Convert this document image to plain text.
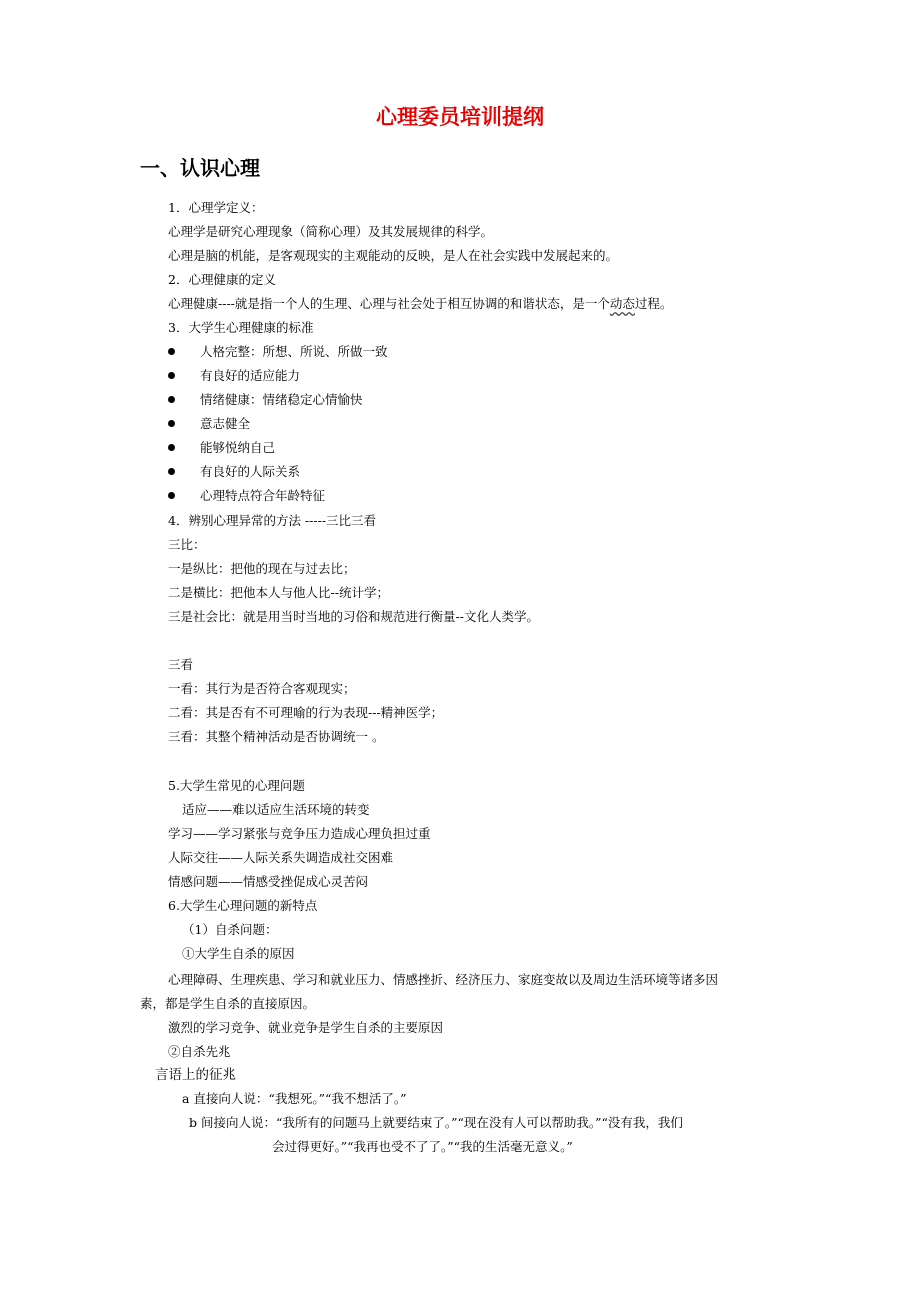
心理委员培训提纲
一、认识心理
1．心理学定义：
心理学是研究心理现象（简称心理）及其发展规律的科学。
心理是脑的机能，是客观现实的主观能动的反映，是人在社会实践中发展起来的。
2．心理健康的定义
心理健康----就是指一个人的生理、心理与社会处于相互协调的和谐状态，是一个动态过程。
3．大学生心理健康的标准
人格完整：所想、所说、所做一致
有良好的适应能力
情绪健康：情绪稳定心情愉快
意志健全
能够悦纳自己
有良好的人际关系
心理特点符合年龄特征
4．辨别心理异常的方法 -----三比三看
三比：
一是纵比：把他的现在与过去比；
二是横比：把他本人与他人比--统计学；
三是社会比：就是用当时当地的习俗和规范进行衡量--文化人类学。
三看
一看：其行为是否符合客观现实；
二看：其是否有不可理喻的行为表现---精神医学；
三看：其整个精神活动是否协调统一 。
5.大学生常见的心理问题
适应——难以适应生活环境的转变
学习——学习紧张与竞争压力造成心理负担过重
人际交往——人际关系失调造成社交困难
情感问题——情感受挫促成心灵苦闷
6.大学生心理问题的新特点
（1）自杀问题：
①大学生自杀的原因
心理障碍、生理疾患、学习和就业压力、情感挫折、经济压力、家庭变故以及周边生活环境等诸多因
素，都是学生自杀的直接原因。
激烈的学习竞争、就业竞争是学生自杀的主要原因
②自杀先兆
言语上的征兆
a 直接向人说：“我想死。”“我不想活了。”
b 间接向人说：“我所有的问题马上就要结束了。”“现在没有人可以帮助我。”“没有我，我们
会过得更好。”“我再也受不了了。”“我的生活毫无意义。”
